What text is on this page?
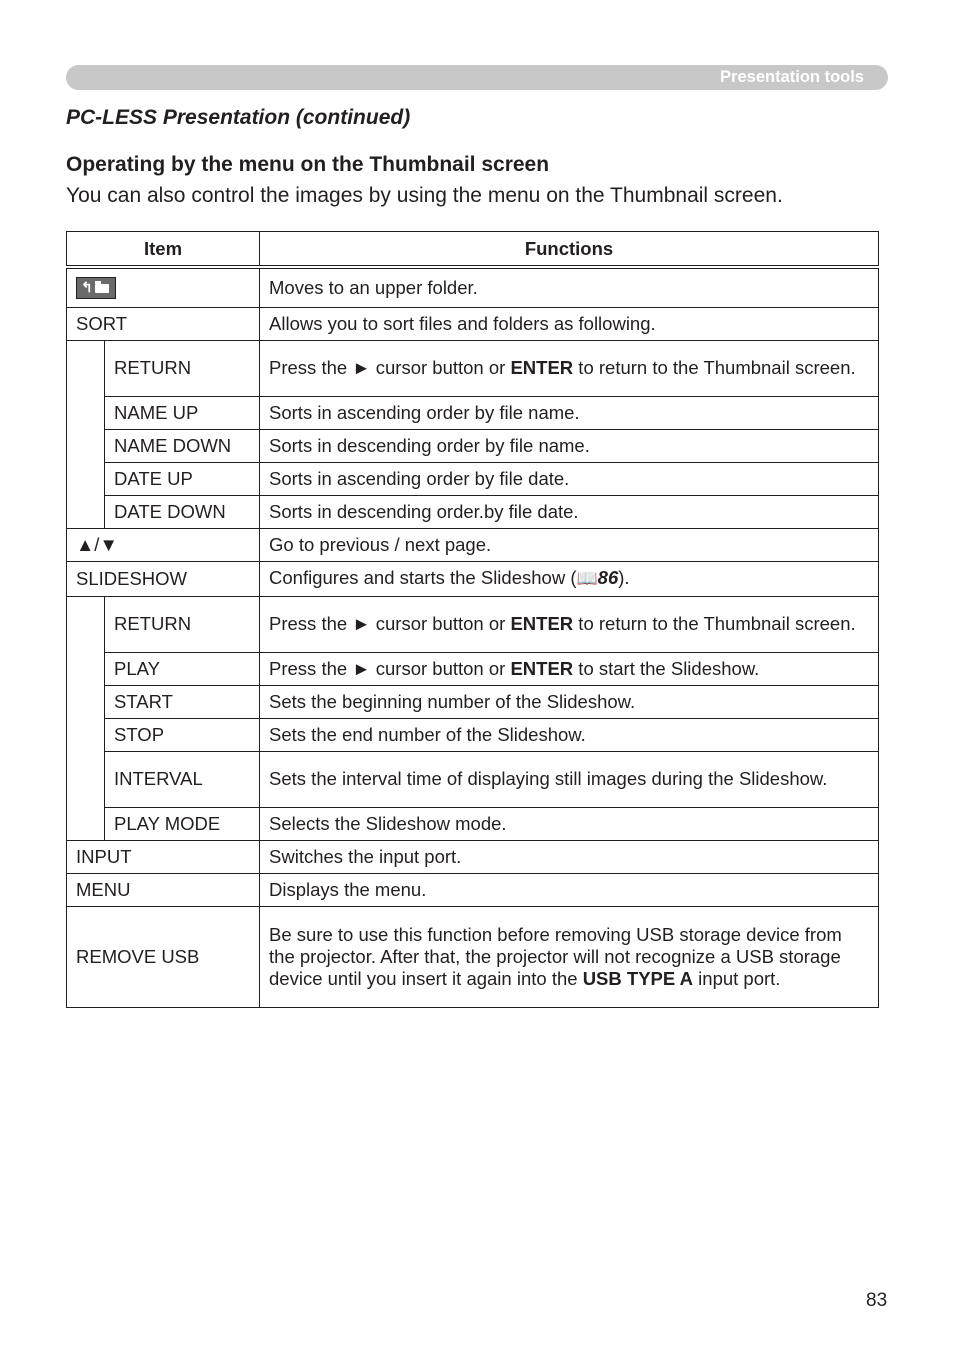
Presentation tools
PC-LESS Presentation (continued)
Operating by the menu on the Thumbnail screen
You can also control the images by using the menu on the Thumbnail screen.
Item		Functions

↰		Moves to an upper folder.
SORT		Allows you to sort files and folders as following.
	RETURN	Press the ► cursor button or ENTER to return to the Thumbnail screen.
	NAME UP	Sorts in ascending order by file name.
	NAME DOWN	Sorts in descending order by file name.
	DATE UP	Sorts in ascending order by file date.
	DATE DOWN	Sorts in descending order.by file date.
▲/▼		Go to previous / next page.
SLIDESHOW		Configures and starts the Slideshow (📖86).
	RETURN	Press the ► cursor button or ENTER to return to the Thumbnail screen.
	PLAY	Press the ► cursor button or ENTER to start the Slideshow.
	START	Sets the beginning number of the Slideshow.
	STOP	Sets the end number of the Slideshow.
	INTERVAL	Sets the interval time of displaying still images during the Slideshow.
	PLAY MODE	Selects the Slideshow mode.
INPUT		Switches the input port.
MENU		Displays the menu.
REMOVE USB		Be sure to use this function before removing USB storage device from the projector. After that, the projector will not recognize a USB storage device until you insert it again into the USB TYPE A input port.
83
